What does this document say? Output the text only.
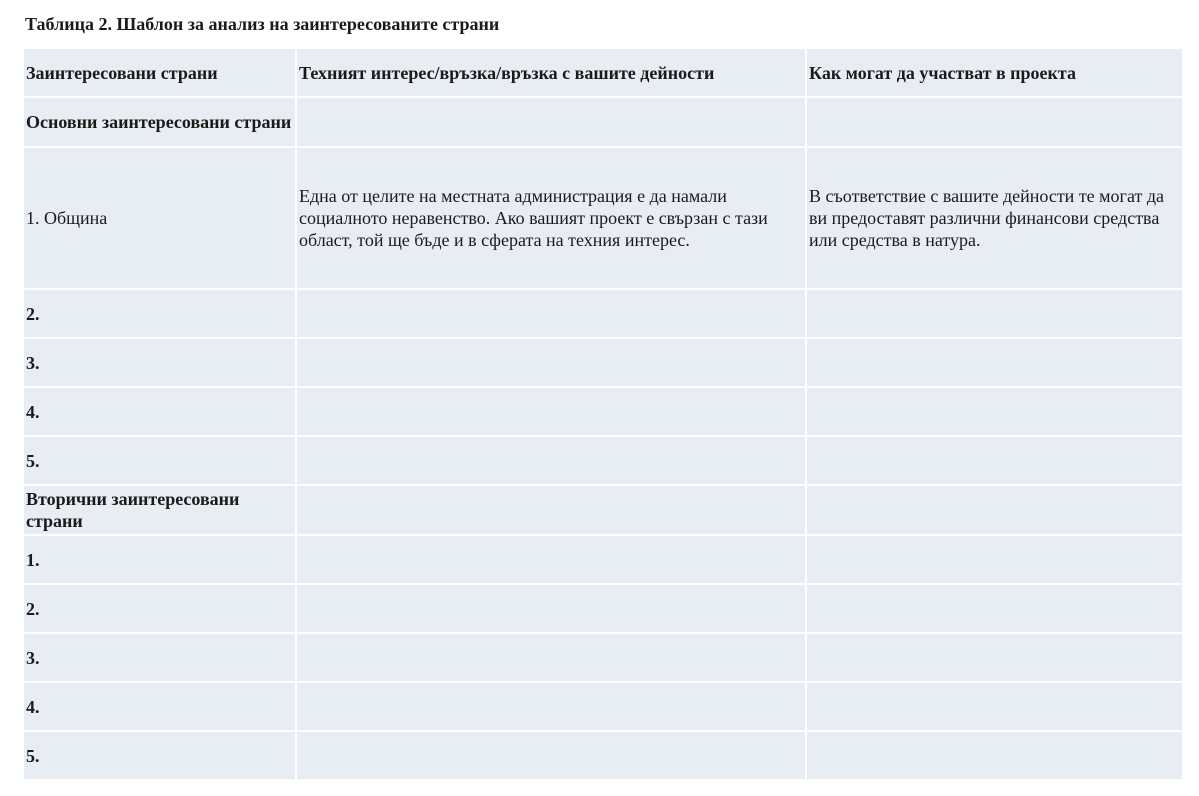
Таблица 2. Шаблон за анализ на заинтересованите страни
Заинтересовани страни	Техният интерес/връзка/връзка с вашите дейности	Как могат да участват в проекта
Основни заинтересовани страни		
1. Община	Една от целите на местната администрация е да намали социалното неравенство. Ако вашият проект е свързан с тази област, той ще бъде и в сферата на техния интерес.	В съответствие с вашите дейности те могат да ви предоставят различни финансови средства или средства в натура.
2.		
3.		
4.		
5.		
Вторични заинтересовани страни		
1.		
2.		
3.		
4.		
5.		
